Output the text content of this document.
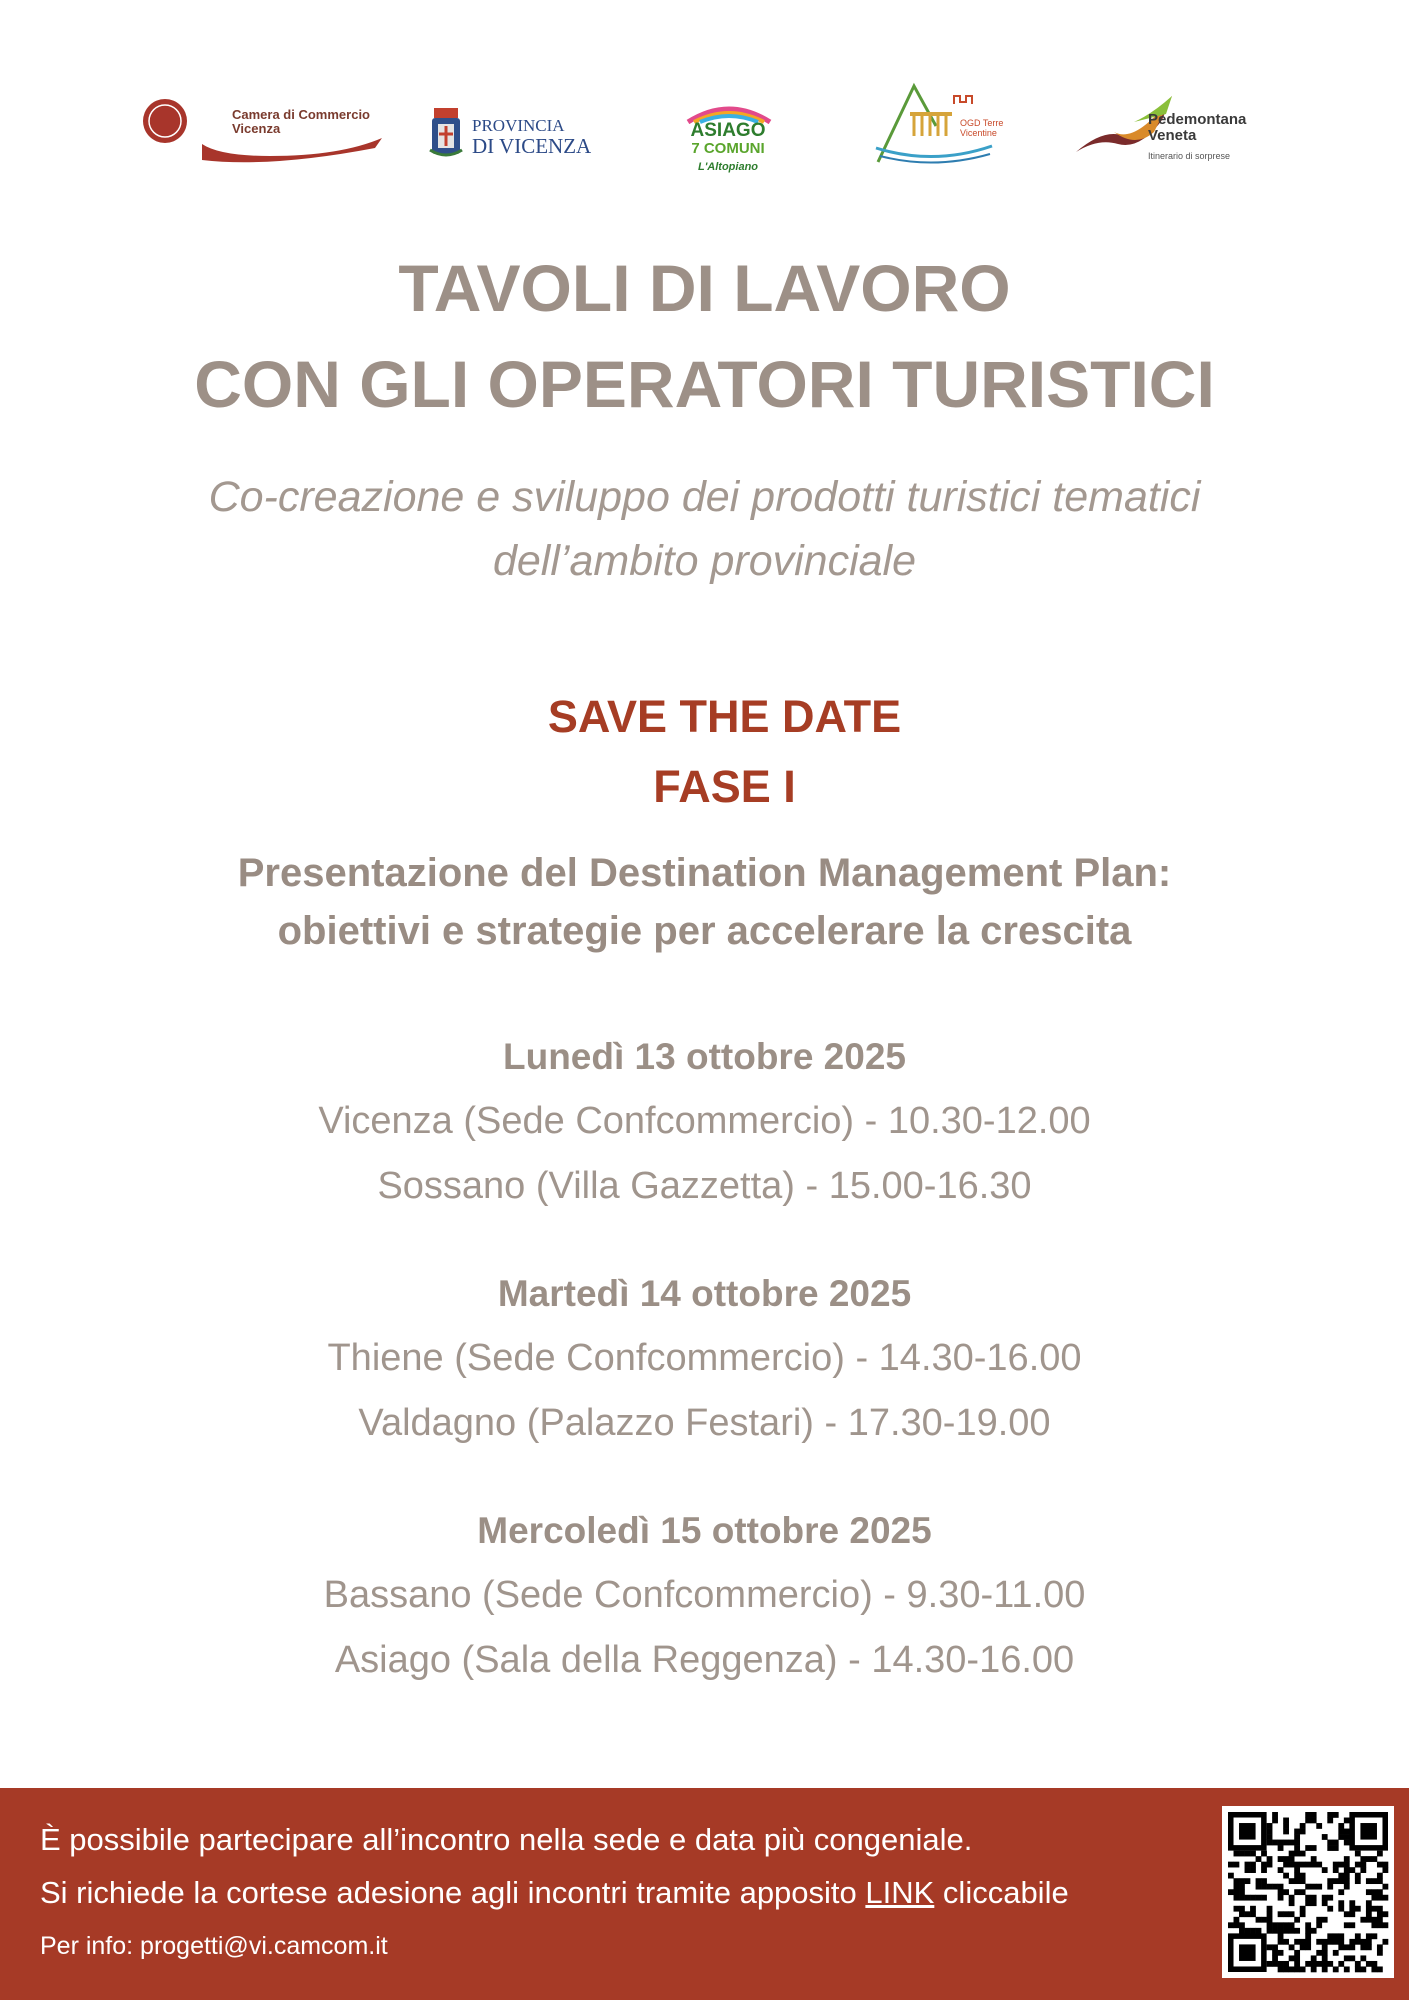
Camera di Commercio
Vicenza	PROVINCIA
DI VICENZA
ASIAGO
7 COMUNI
L'Altopiano
OGD Terre
Vicentine
Pedemontana
Veneta
Itinerario di sorprese
TAVOLI DI LAVORO
CON GLI OPERATORI TURISTICI
Co-creazione e sviluppo dei prodotti turistici tematici
dell’ambito provinciale
SAVE THE DATE
FASE I
Presentazione del Destination Management Plan:
obiettivi e strategie per accelerare la crescita
Lunedì 13 ottobre 2025
Vicenza (Sede Confcommercio) - 10.30-12.00
Sossano (Villa Gazzetta) - 15.00-16.30
Martedì 14 ottobre 2025
Thiene (Sede Confcommercio) - 14.30-16.00
Valdagno (Palazzo Festari) - 17.30-19.00
Mercoledì 15 ottobre 2025
Bassano (Sede Confcommercio) - 9.30-11.00
Asiago (Sala della Reggenza) - 14.30-16.00
È possibile partecipare all’incontro nella sede e data più congeniale.
Si richiede la cortese adesione agli incontri tramite apposito LINK cliccabile
Per info: progetti@vi.camcom.it
